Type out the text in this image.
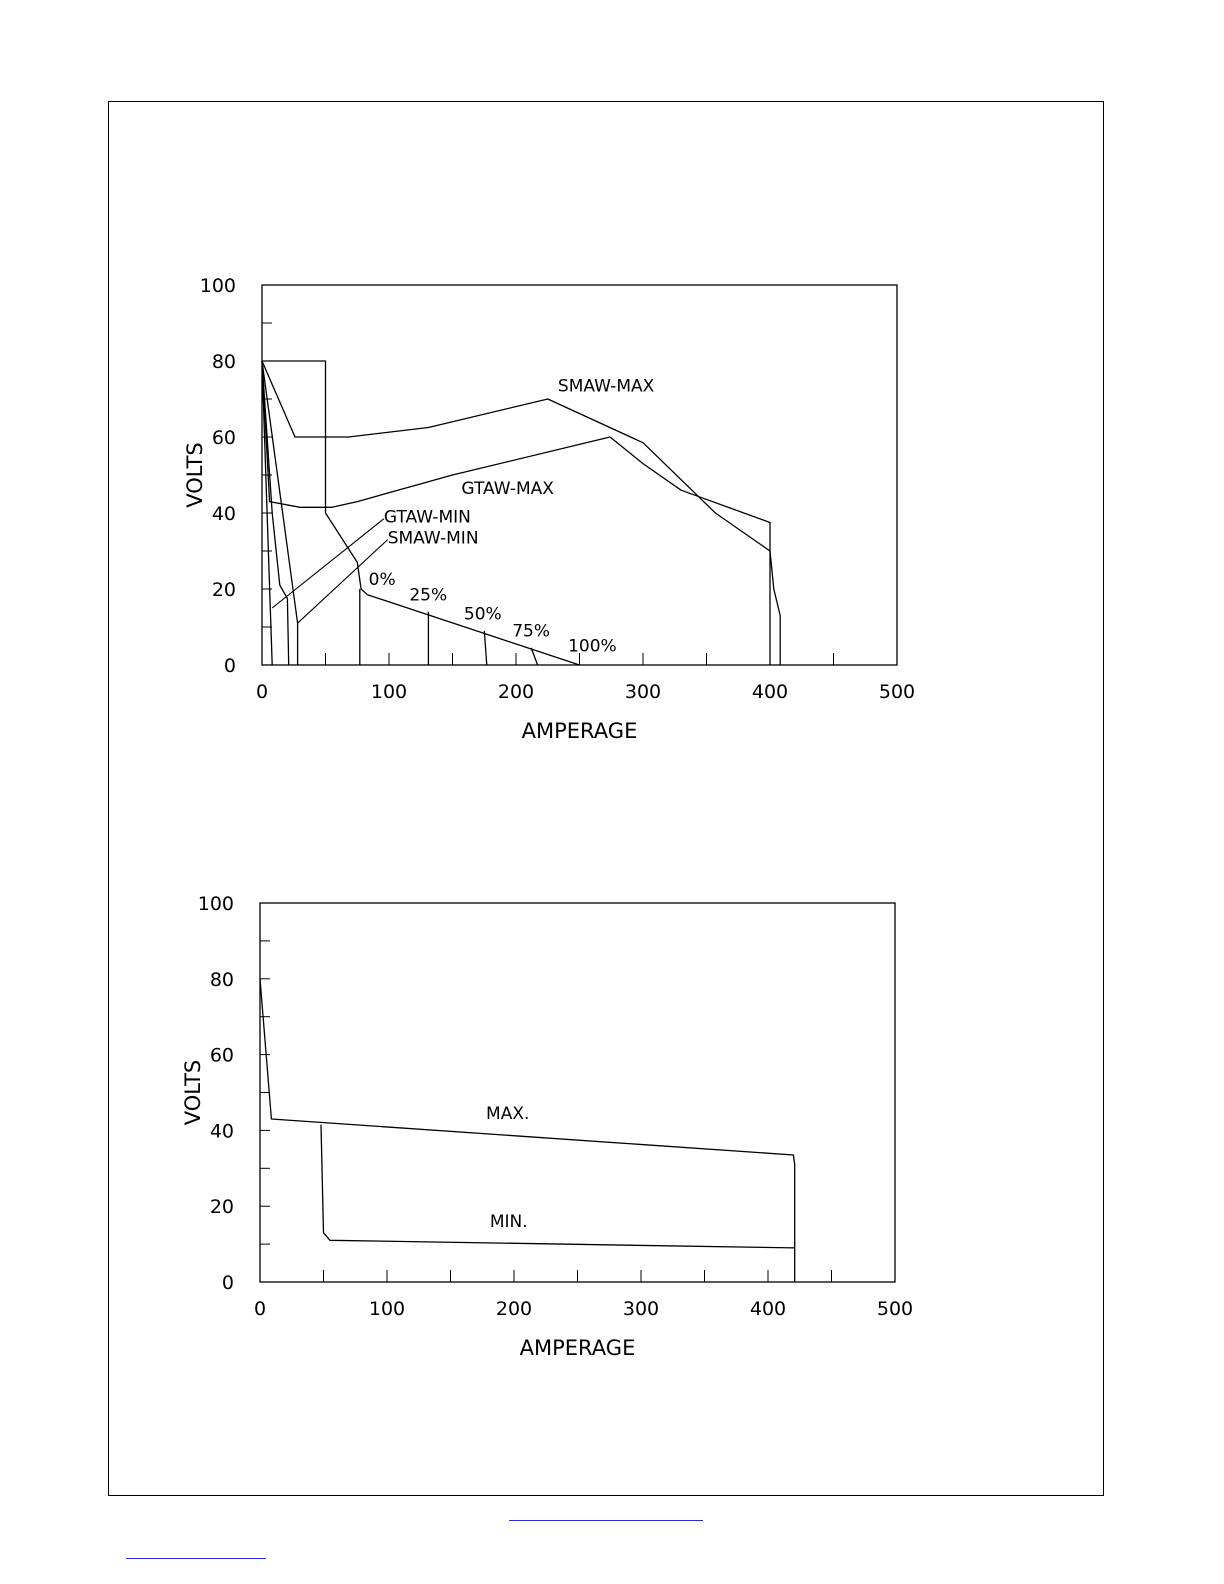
0
20
40
60
80
100
0	100	200	300	400	500
AMPERAGE
VOLTS
SMAW-MAX
GTAW-MAX
GTAW-MIN
SMAW-MIN
0%
25%
50%
75%
100%
0
20
40
60
80
100
0	100	200	300	400	500
AMPERAGE
VOLTS	MAX.
MIN.
